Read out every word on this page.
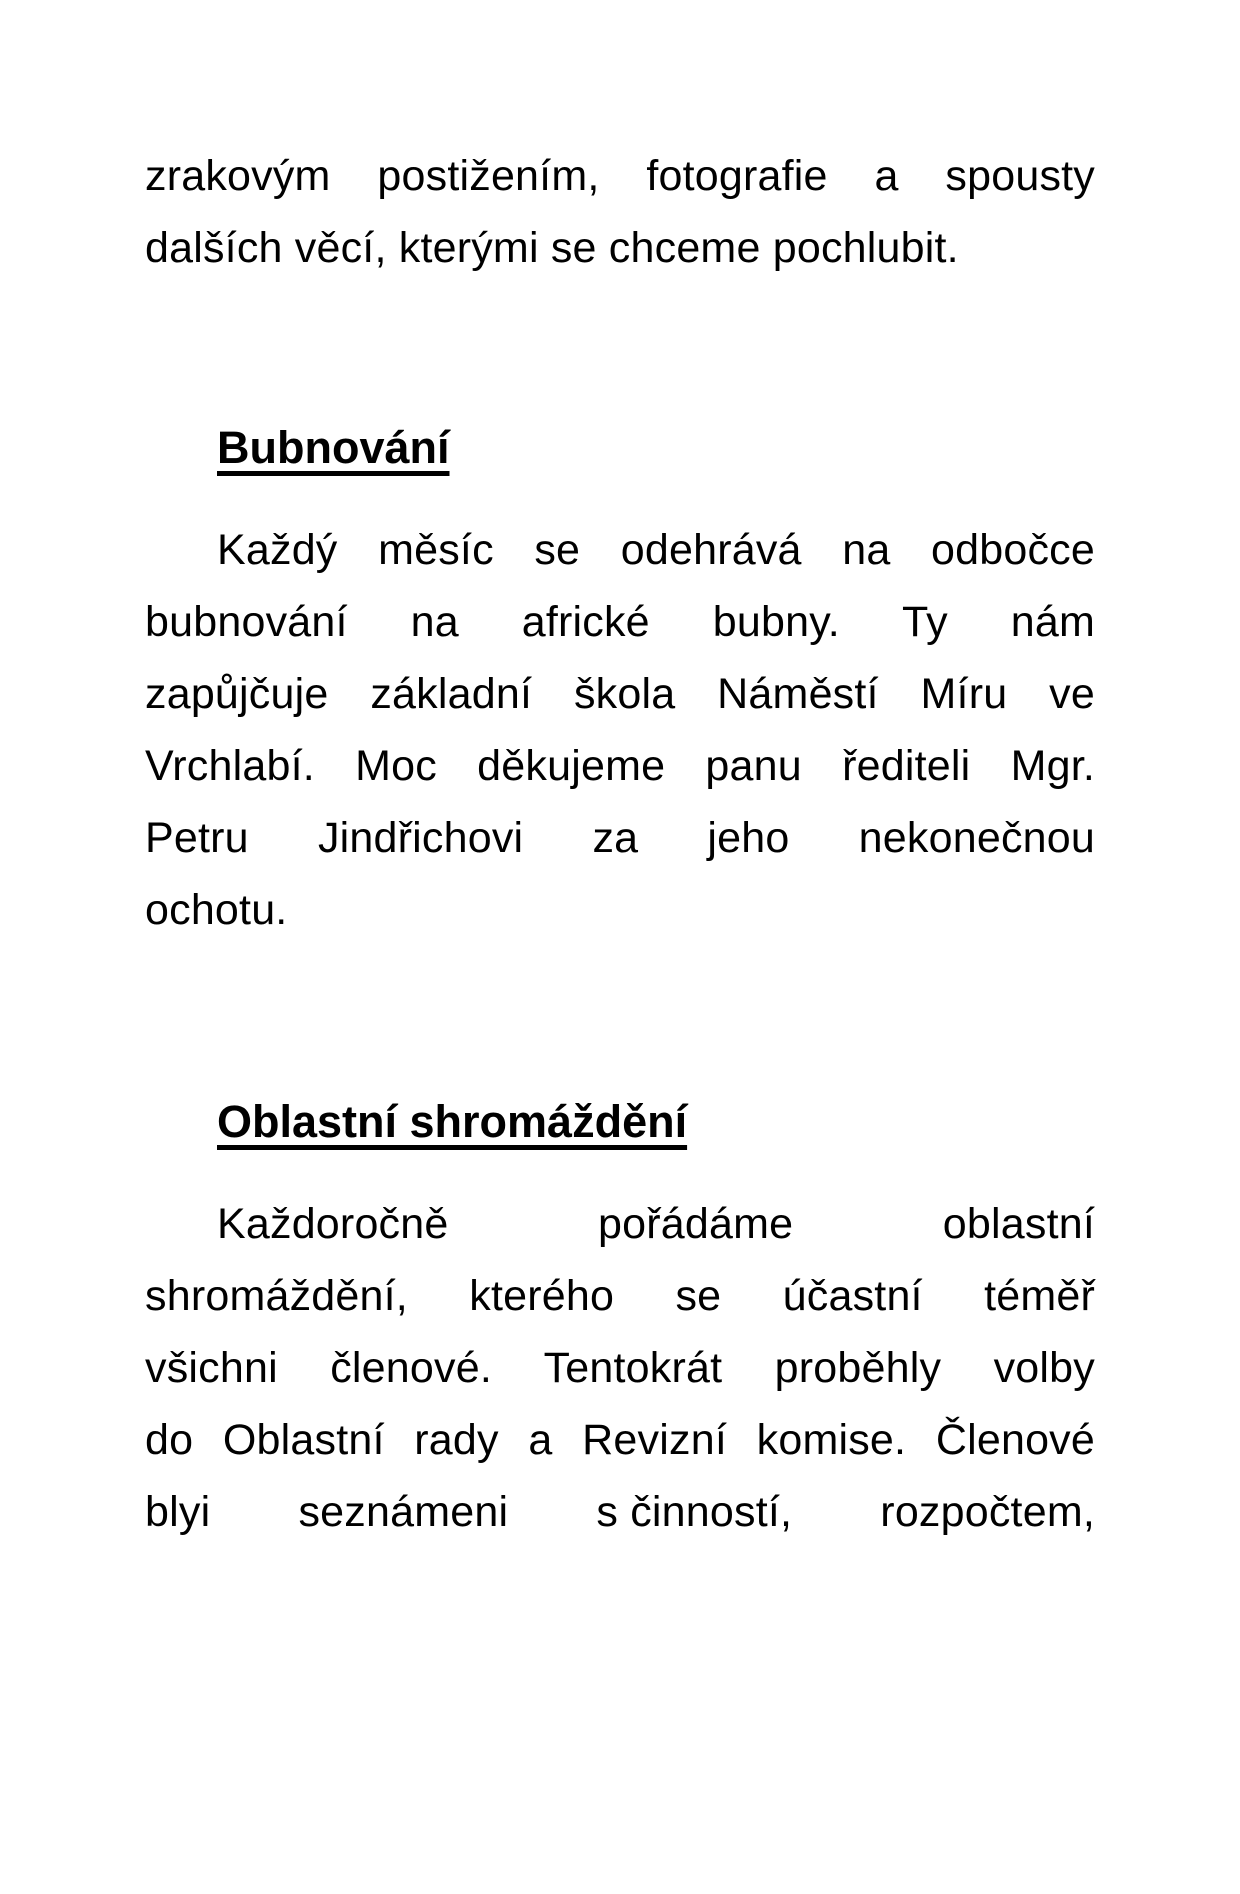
zrakovým postižením, fotografie a spousty
dalších věcí, kterými se chceme pochlubit.

Bubnování

Každý měsíc se odehrává na odbočce
bubnování na africké bubny. Ty nám
zapůjčuje základní škola Náměstí Míru ve
Vrchlabí. Moc děkujeme panu řediteli Mgr.
Petru Jindřichovi za jeho nekonečnou
ochotu.

Oblastní shromáždění

Každoročně pořádáme oblastní
shromáždění, kterého se účastní téměř
všichni členové. Tentokrát proběhly volby
do Oblastní rady a Revizní komise. Členové
blyi seznámeni s činností, rozpočtem,
